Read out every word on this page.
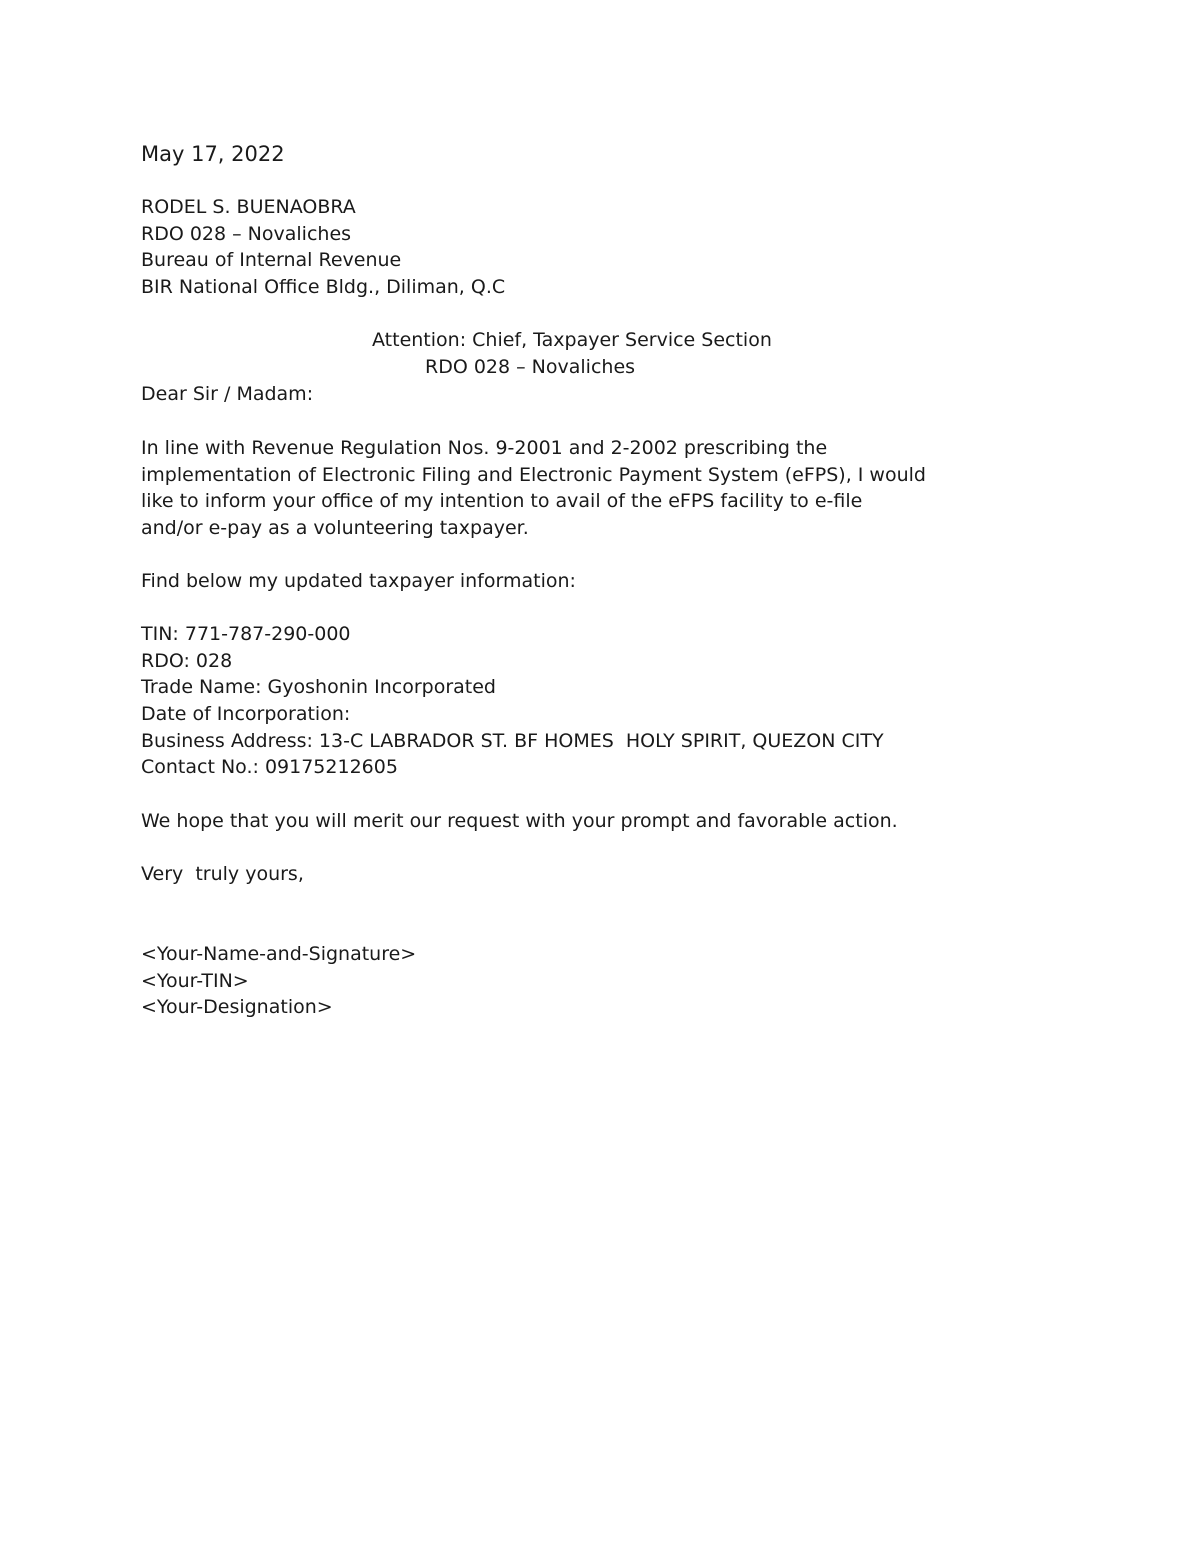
May 17, 2022
RODEL S. BUENAOBRA
RDO 028 – Novaliches
Bureau of Internal Revenue
BIR National Office Bldg., Diliman, Q.C
Attention: Chief, Taxpayer Service Section
RDO 028 – Novaliches
Dear Sir / Madam:
In line with Revenue Regulation Nos. 9-2001 and 2-2002 prescribing the
implementation of Electronic Filing and Electronic Payment System (eFPS), I would
like to inform your office of my intention to avail of the eFPS facility to e-file
and/or e-pay as a volunteering taxpayer.
Find below my updated taxpayer information:
TIN: 771-787-290-000
RDO: 028
Trade Name: Gyoshonin Incorporated
Date of Incorporation:
Business Address: 13-C LABRADOR ST. BF HOMES  HOLY SPIRIT, QUEZON CITY
Contact No.: 09175212605
We hope that you will merit our request with your prompt and favorable action.
Very  truly yours,
<Your-Name-and-Signature>
<Your-TIN>
<Your-Designation>
